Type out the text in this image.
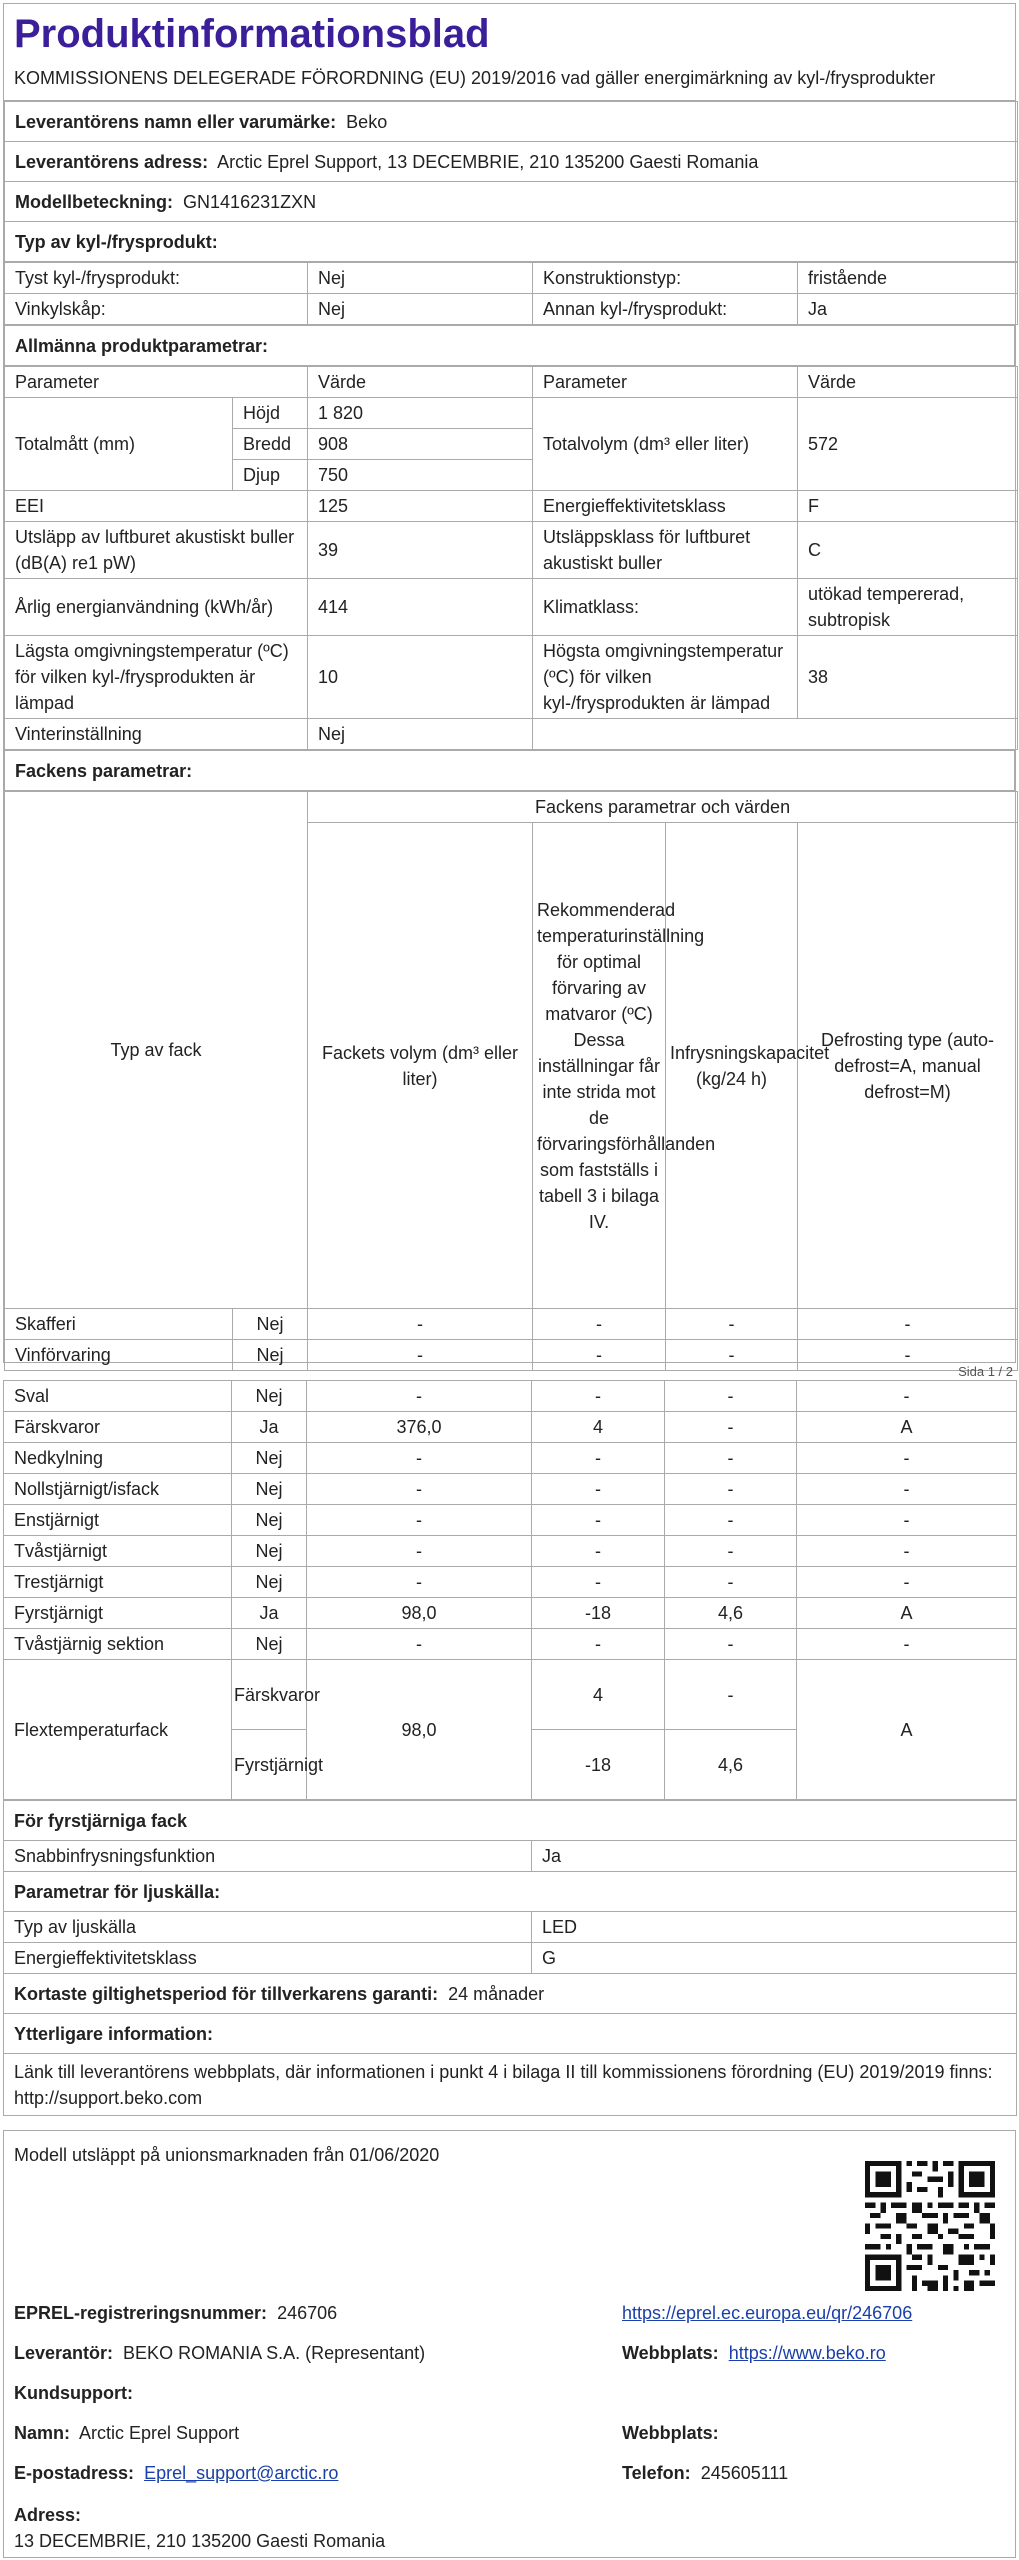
Produktinformationsblad
KOMMISSIONENS DELEGERADE FÖRORDNING (EU) 2019/2016 vad gäller energimärkning av kyl-/frysprodukter
Leverantörens namn eller varumärke: Beko
Leverantörens adress: Arctic Eprel Support, 13 DECEMBRIE, 210 135200 Gaesti Romania
Modellbeteckning: GN1416231ZXN
Typ av kyl-/frysprodukt:
Tyst kyl-/frysprodukt:	Nej	Konstruktionstyp:	fristående
Vinkylskåp:	Nej	Annan kyl-/frysprodukt:	Ja
Allmänna produktparametrar:
Parameter		Värde	Parameter	Värde
Totalmått (mm)	Höjd	1 820	Totalvolym (dm³ eller liter)	572
	Bredd	908		
	Djup	750		
EEI		125	Energieffektivitetsklass	F
Utsläpp av luftburet akustiskt buller (dB(A) re1 pW)		39	Utsläppsklass för luftburet akustiskt buller	C
Årlig energianvändning (kWh/år)		414	Klimatklass:	utökad tempererad, subtropisk
Lägsta omgivningstemperatur (ºC) för vilken kyl-/frysprodukten är lämpad		10	Högsta omgivningstemperatur (ºC) för vilken kyl-/frysprodukten är lämpad	38
Vinterinställning		Nej		
Fackens parametrar:
Typ av fack		Fackens parametrar och värden			
		Fackets volym (dm³ eller liter)	Rekommenderad temperaturinställning för optimal förvaring av matvaror (ºC) Dessa inställningar får inte strida mot de förvaringsförhållanden som fastställs i tabell 3 i bilaga IV.	Infrysningskapacitet (kg/24 h)	Defrosting type (auto-defrost=A, manual defrost=M)
Skafferi	Nej	-	-	-	-
Vinförvaring	Nej	-	-	-	-
Sida 1 / 2
Sval	Nej	-	-	-	-
Färskvaror	Ja	376,0	4	-	A
Nedkylning	Nej	-	-	-	-
Nollstjärnigt/isfack	Nej	-	-	-	-
Enstjärnigt	Nej	-	-	-	-
Tvåstjärnigt	Nej	-	-	-	-
Trestjärnigt	Nej	-	-	-	-
Fyrstjärnigt	Ja	98,0	-18	4,6	A
Tvåstjärnig sektion	Nej	-	-	-	-
Flextemperaturfack	Färskvaror	98,0	4	-	A
	Fyrstjärnigt		-18	4,6	
För fyrstjärniga fack	
Snabbinfrysningsfunktion	Ja
Parametrar för ljuskälla:	
Typ av ljuskälla	LED
Energieffektivitetsklass	G
Kortaste giltighetsperiod för tillverkarens garanti: 24 månader	
Ytterligare information:	
Länk till leverantörens webbplats, där informationen i punkt 4 i bilaga II till kommissionens förordning (EU) 2019/2019 finns:  http://support.beko.com	
Modell utsläppt på unionsmarknaden från 01/06/2020
EPREL-registreringsnummer: 246706	https://eprel.ec.europa.eu/qr/246706
Leverantör: BEKO ROMANIA S.A. (Representant)	Webbplats: https://www.beko.ro
Kundsupport:
Namn: Arctic Eprel Support	Webbplats:
E-postadress: Eprel_support@arctic.ro	Telefon: 245605111
Adress:
13 DECEMBRIE, 210 135200 Gaesti Romania
